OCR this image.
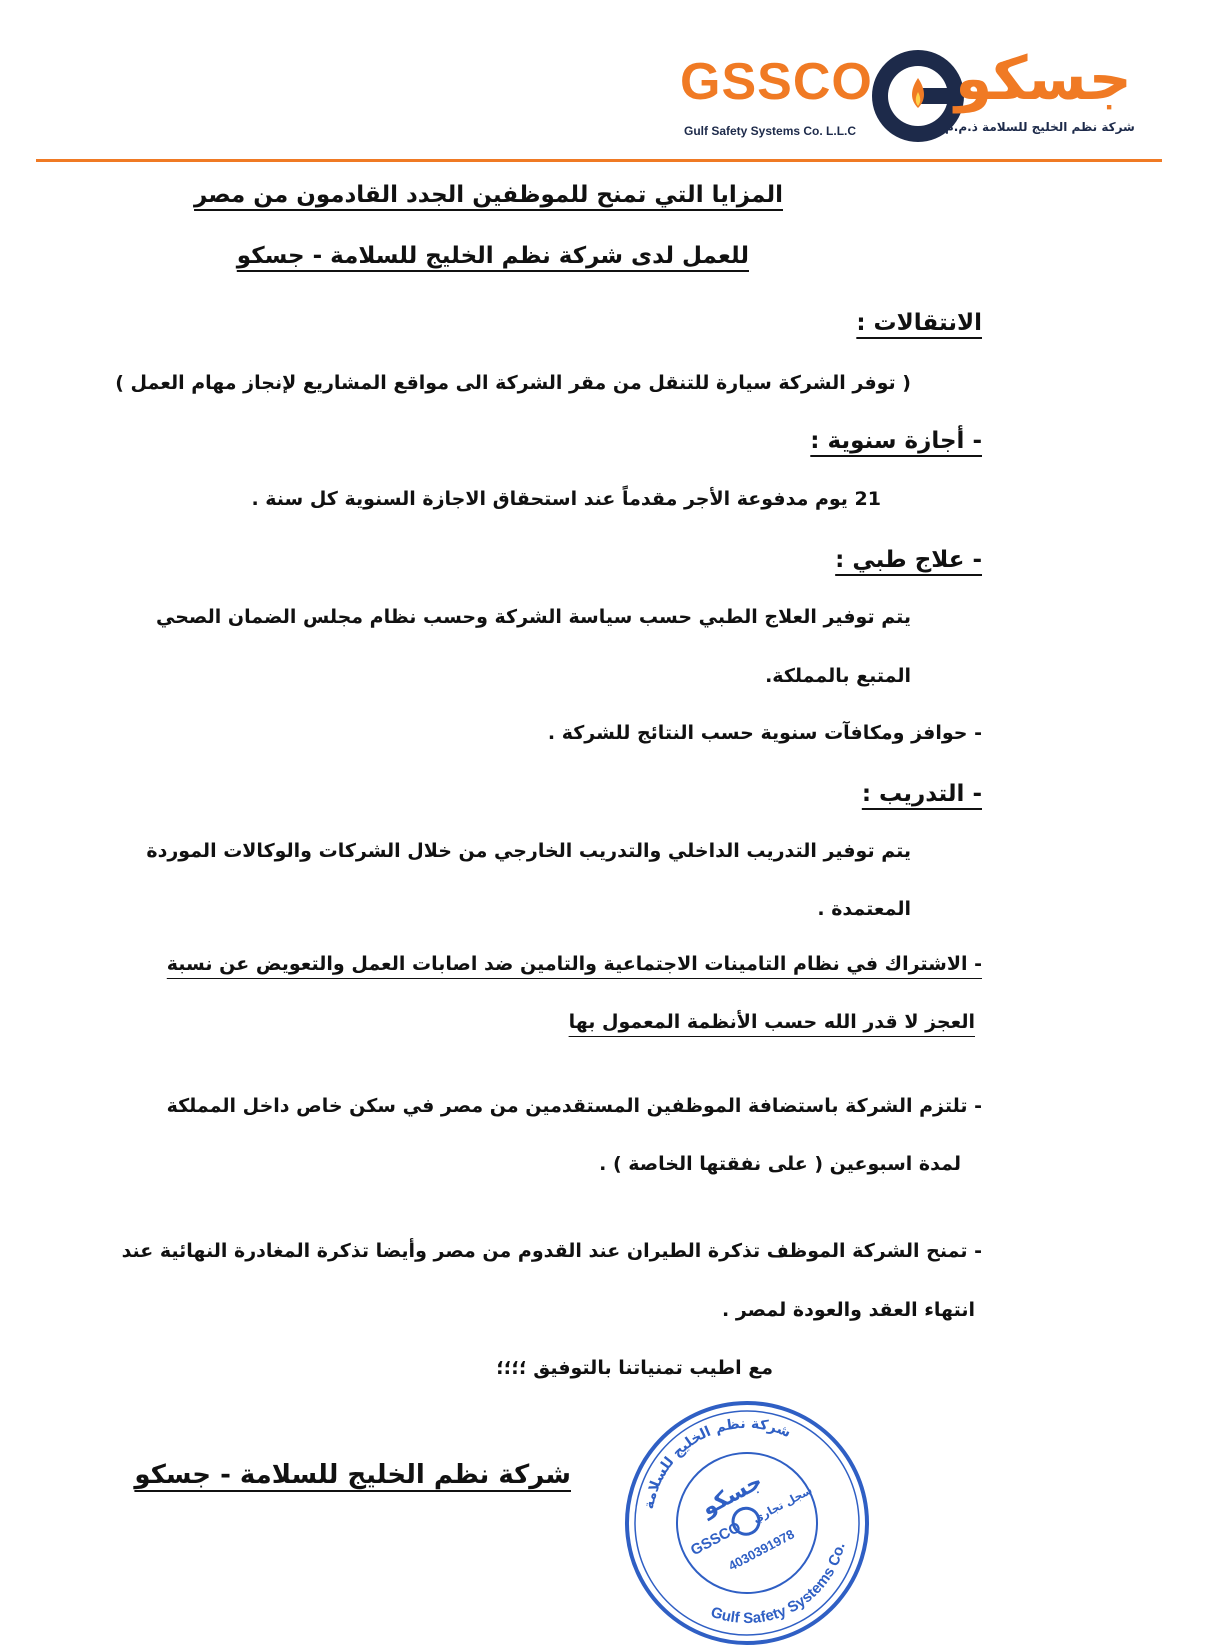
GSSCO جسكو
Gulf Safety Systems Co. L.L.C	شركة نظم الخليج للسلامة ذ.م.م
المزايا التي تمنح للموظفين الجدد القادمون من مصر
للعمل لدى شركة نظم الخليج للسلامة - جسكو
الانتقالات :
( توفر الشركة سيارة للتنقل من مقر الشركة الى مواقع المشاريع لإنجاز مهام العمل )
- أجازة سنوية :
21 يوم مدفوعة الأجر مقدماً عند استحقاق الاجازة السنوية كل سنة .
- علاج طبي :
يتم توفير العلاج الطبي حسب سياسة الشركة وحسب نظام مجلس الضمان الصحي
المتبع بالمملكة.
- حوافز ومكافآت سنوية حسب النتائج للشركة .
- التدريب :
يتم توفير التدريب الداخلي والتدريب الخارجي من خلال الشركات والوكالات الموردة
المعتمدة .
- الاشتراك في نظام التامينات الاجتماعية والتامين ضد اصابات العمل والتعويض عن نسبة
العجز لا قدر الله حسب الأنظمة المعمول بها
- تلتزم الشركة باستضافة الموظفين المستقدمين من مصر في سكن خاص داخل المملكة
لمدة اسبوعين ( على نفقتها الخاصة ) .
- تمنح الشركة الموظف تذكرة الطيران عند القدوم من مصر وأيضا تذكرة المغادرة النهائية عند
انتهاء العقد والعودة لمصر .
مع اطيب تمنياتنا بالتوفيق ؛؛؛؛
شركة نظم الخليج للسلامة - جسكو
شركة نظم الخليج للسلامة
Gulf Safety Systems Co.
جسكو
GSSCO
سجل تجاري
4030391978
